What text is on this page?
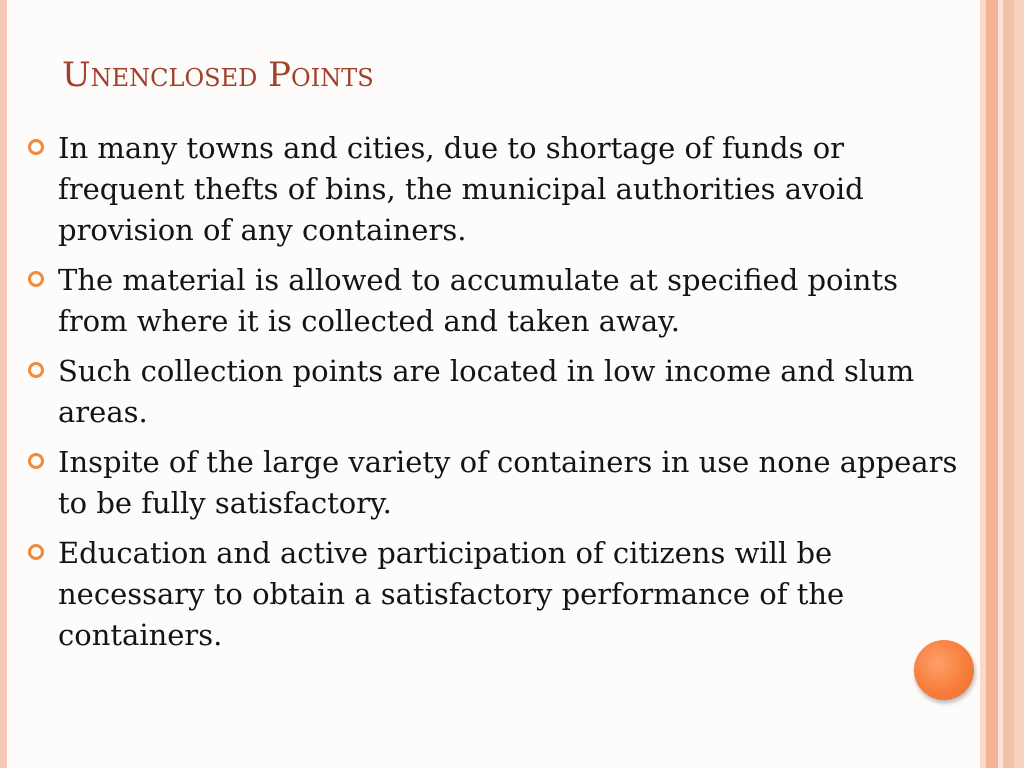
Unenclosed Points
In many towns and cities, due to shortage of funds or frequent thefts of bins, the municipal authorities avoid provision of any containers.
The material is allowed to accumulate at specified points from where it is collected and taken away.
Such collection points are located in low income and slum areas.
Inspite of the large variety of containers in use none appears to be fully satisfactory.
Education and active participation of citizens will be necessary to obtain a satisfactory performance of the containers.
